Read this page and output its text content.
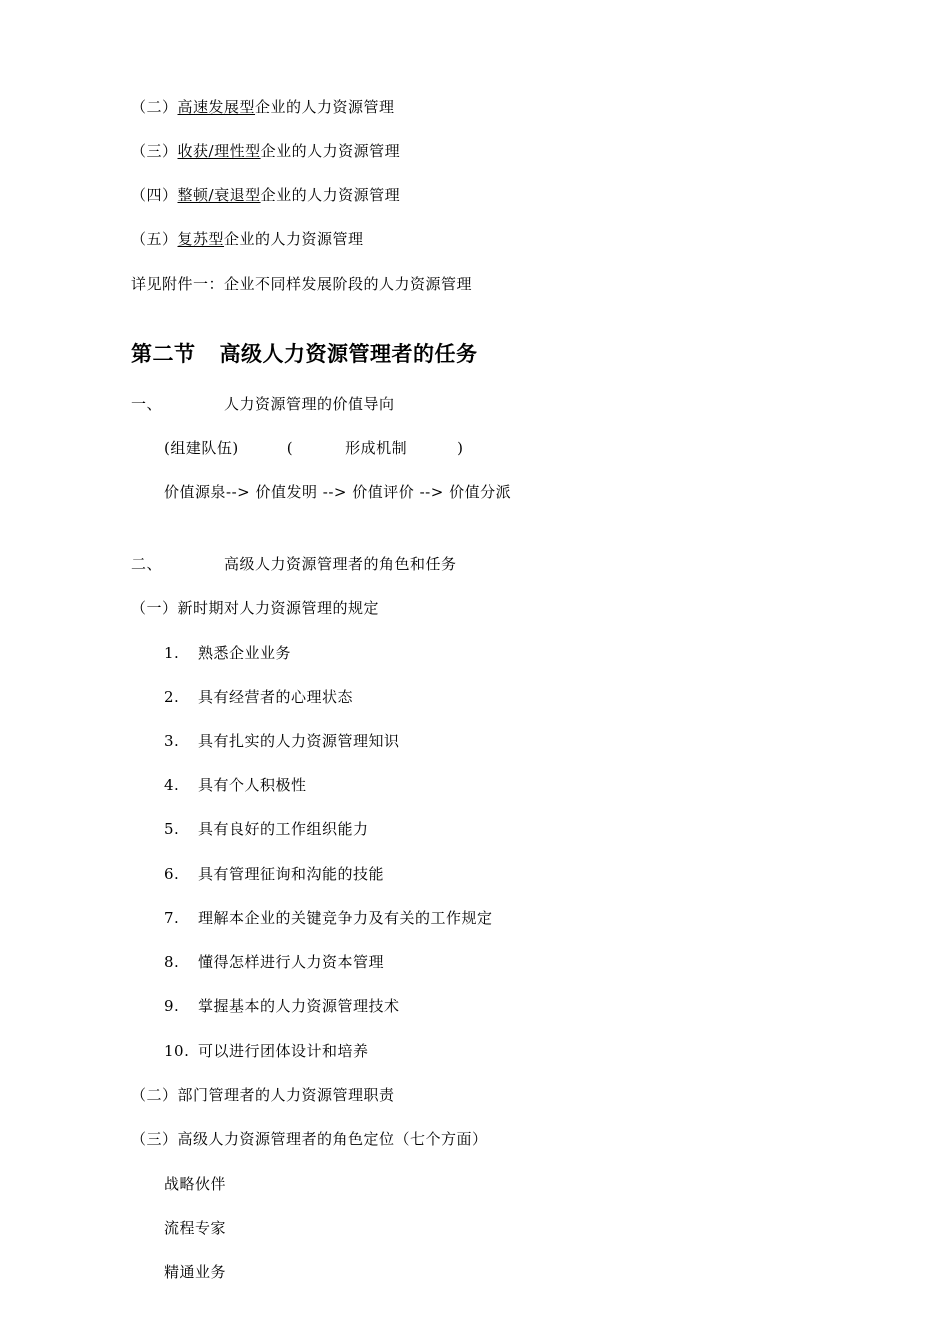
（二）高速发展型企业的人力资源管理
（三）收获/理性型企业的人力资源管理
（四）整顿/衰退型企业的人力资源管理
（五）复苏型企业的人力资源管理
详见附件一：企业不同样发展阶段的人力资源管理
第二节 高级人力资源管理者的任务
一、	人力资源管理的价值导向
(组建队伍)	(	形成机制	)
价值源泉--> 价值发明 --> 价值评价 --> 价值分派
二、	高级人力资源管理者的角色和任务
（一）新时期对人力资源管理的规定
1. 熟悉企业业务
2. 具有经营者的心理状态
3. 具有扎实的人力资源管理知识
4. 具有个人积极性
5. 具有良好的工作组织能力
6. 具有管理征询和沟能的技能
7. 理解本企业的关键竞争力及有关的工作规定
8. 懂得怎样进行人力资本管理
9. 掌握基本的人力资源管理技术
10. 可以进行团体设计和培养
（二）部门管理者的人力资源管理职责
（三）高级人力资源管理者的角色定位（七个方面）
战略伙伴
流程专家
精通业务
